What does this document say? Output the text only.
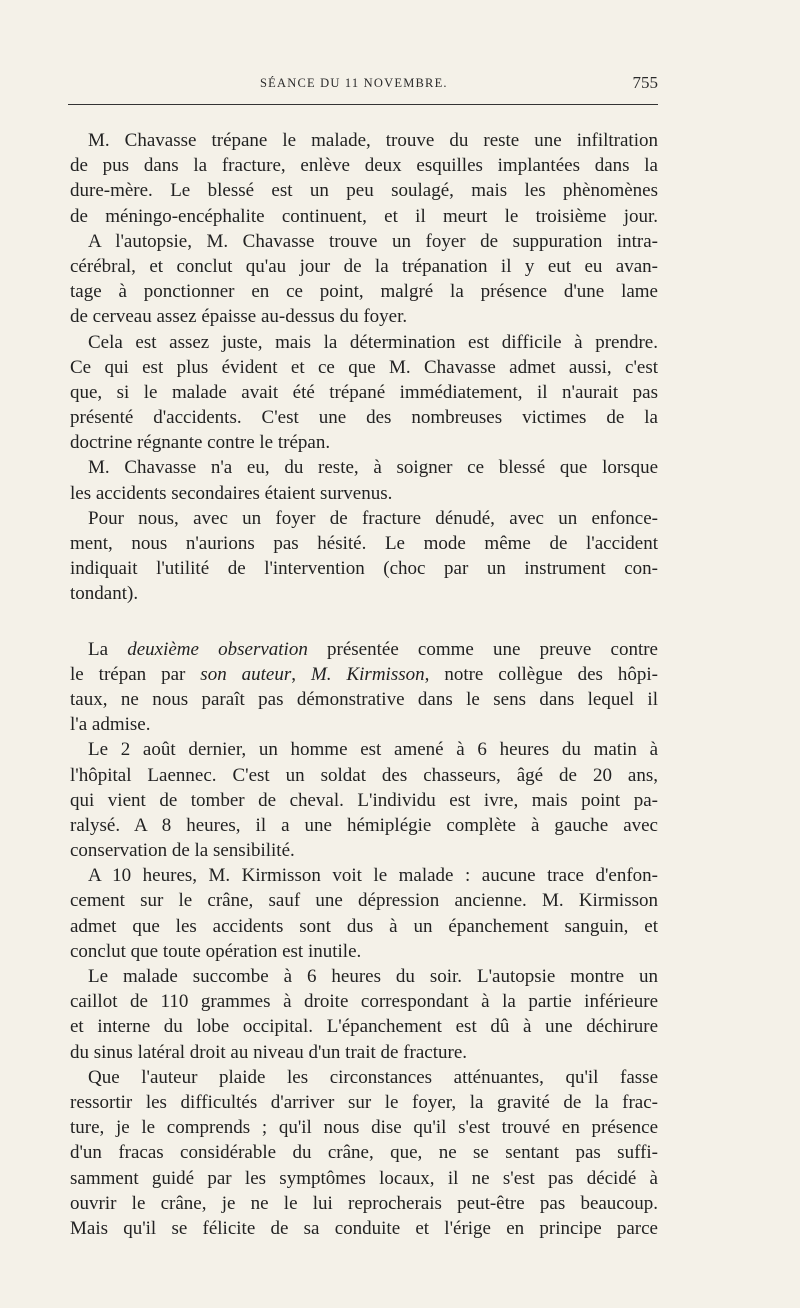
SÉANCE DU 11 NOVEMBRE.	755
M. Chavasse trépane le malade, trouve du reste une infiltration
de pus dans la fracture, enlève deux esquilles implantées dans la
dure-mère. Le blessé est un peu soulagé, mais les phènomènes
de méningo-encéphalite continuent, et il meurt le troisième jour.
A l'autopsie, M. Chavasse trouve un foyer de suppuration intra-
cérébral, et conclut qu'au jour de la trépanation il y eut eu avan-
tage à ponctionner en ce point, malgré la présence d'une lame
de cerveau assez épaisse au-dessus du foyer.
Cela est assez juste, mais la détermination est difficile à prendre.
Ce qui est plus évident et ce que M. Chavasse admet aussi, c'est
que, si le malade avait été trépané immédiatement, il n'aurait pas
présenté d'accidents. C'est une des nombreuses victimes de la
doctrine régnante contre le trépan.
M. Chavasse n'a eu, du reste, à soigner ce blessé que lorsque
les accidents secondaires étaient survenus.
Pour nous, avec un foyer de fracture dénudé, avec un enfonce-
ment, nous n'aurions pas hésité. Le mode même de l'accident
indiquait l'utilité de l'intervention (choc par un instrument con-
tondant).
La deuxième observation présentée comme une preuve contre
le trépan par son auteur, M. Kirmisson, notre collègue des hôpi-
taux, ne nous paraît pas démonstrative dans le sens dans lequel il
l'a admise.
Le 2 août dernier, un homme est amené à 6 heures du matin à
l'hôpital Laennec. C'est un soldat des chasseurs, âgé de 20 ans,
qui vient de tomber de cheval. L'individu est ivre, mais point pa-
ralysé. A 8 heures, il a une hémiplégie complète à gauche avec
conservation de la sensibilité.
A 10 heures, M. Kirmisson voit le malade : aucune trace d'enfon-
cement sur le crâne, sauf une dépression ancienne. M. Kirmisson
admet que les accidents sont dus à un épanchement sanguin, et
conclut que toute opération est inutile.
Le malade succombe à 6 heures du soir. L'autopsie montre un
caillot de 110 grammes à droite correspondant à la partie inférieure
et interne du lobe occipital. L'épanchement est dû à une déchirure
du sinus latéral droit au niveau d'un trait de fracture.
Que l'auteur plaide les circonstances atténuantes, qu'il fasse
ressortir les difficultés d'arriver sur le foyer, la gravité de la frac-
ture, je le comprends ; qu'il nous dise qu'il s'est trouvé en présence
d'un fracas considérable du crâne, que, ne se sentant pas suffi-
samment guidé par les symptômes locaux, il ne s'est pas décidé à
ouvrir le crâne, je ne le lui reprocherais peut-être pas beaucoup.
Mais qu'il se félicite de sa conduite et l'érige en principe parce
